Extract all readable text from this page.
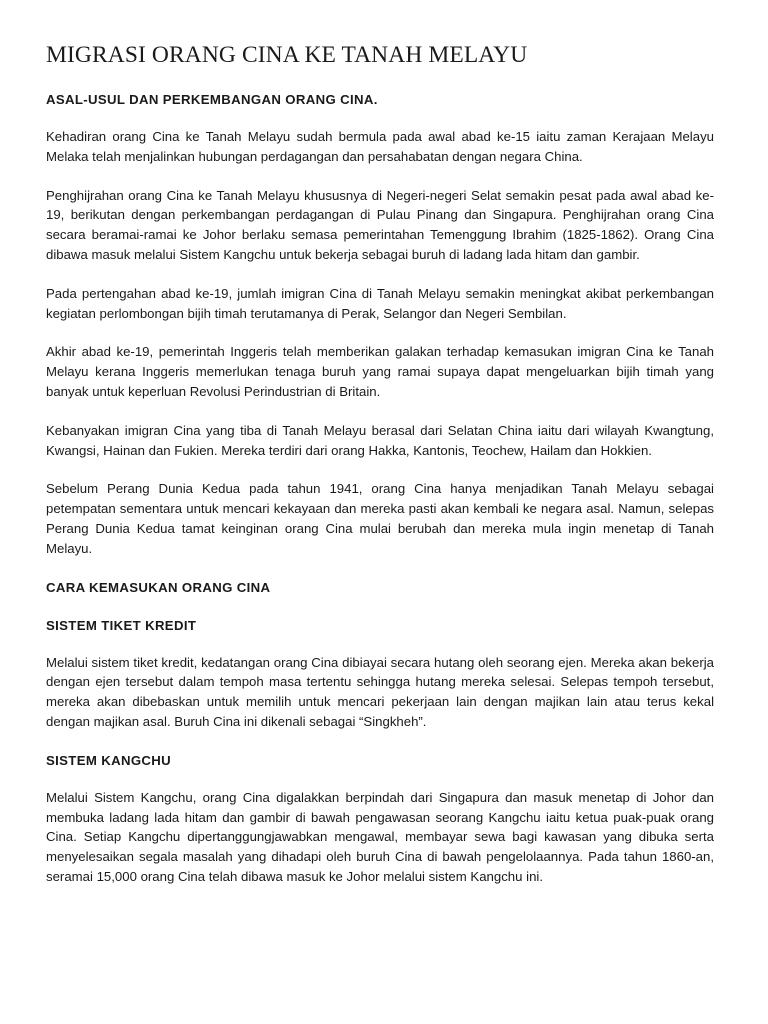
MIGRASI ORANG CINA KE TANAH MELAYU
ASAL-USUL DAN PERKEMBANGAN ORANG CINA.

Kehadiran orang Cina ke Tanah Melayu sudah bermula pada awal abad ke-15 iaitu zaman Kerajaan Melayu Melaka telah menjalinkan hubungan perdagangan dan persahabatan dengan negara China.

Penghijrahan orang Cina ke Tanah Melayu khususnya di Negeri-negeri Selat semakin pesat pada awal abad ke-19, berikutan dengan perkembangan perdagangan di Pulau Pinang dan Singapura. Penghijrahan orang Cina secara beramai-ramai ke Johor berlaku semasa pemerintahan Temenggung Ibrahim (1825-1862). Orang Cina dibawa masuk melalui Sistem Kangchu untuk bekerja sebagai buruh di ladang lada hitam dan gambir.

Pada pertengahan abad ke-19, jumlah imigran Cina di Tanah Melayu semakin meningkat akibat perkembangan kegiatan perlombongan bijih timah terutamanya di Perak, Selangor dan Negeri Sembilan.

Akhir abad ke-19, pemerintah Inggeris telah memberikan galakan terhadap kemasukan imigran Cina ke Tanah Melayu kerana Inggeris memerlukan tenaga buruh yang ramai supaya dapat mengeluarkan bijih timah yang banyak untuk keperluan Revolusi Perindustrian di Britain.

Kebanyakan imigran Cina yang tiba di Tanah Melayu berasal dari Selatan China iaitu dari wilayah Kwangtung, Kwangsi, Hainan dan Fukien. Mereka terdiri dari orang Hakka, Kantonis, Teochew, Hailam dan Hokkien.

Sebelum Perang Dunia Kedua pada tahun 1941, orang Cina hanya menjadikan Tanah Melayu sebagai petempatan sementara untuk mencari kekayaan dan mereka pasti akan kembali ke negara asal. Namun, selepas Perang Dunia Kedua tamat keinginan orang Cina mulai berubah dan mereka mula ingin menetap di Tanah Melayu.

CARA KEMASUKAN ORANG CINA
SISTEM TIKET KREDIT

Melalui sistem tiket kredit, kedatangan orang Cina dibiayai secara hutang oleh seorang ejen. Mereka akan bekerja dengan ejen tersebut dalam tempoh masa tertentu sehingga hutang mereka selesai. Selepas tempoh tersebut, mereka akan dibebaskan untuk memilih untuk mencari pekerjaan lain dengan majikan lain atau terus kekal dengan majikan asal. Buruh Cina ini dikenali sebagai “Singkheh”.

SISTEM KANGCHU

Melalui Sistem Kangchu, orang Cina digalakkan berpindah dari Singapura dan masuk menetap di Johor dan membuka ladang lada hitam dan gambir di bawah pengawasan seorang Kangchu iaitu ketua puak-puak orang Cina. Setiap Kangchu dipertanggungjawabkan mengawal, membayar sewa bagi kawasan yang dibuka serta menyelesaikan segala masalah yang dihadapi oleh buruh Cina di bawah pengelolaannya. Pada tahun 1860-an, seramai 15,000 orang Cina telah dibawa masuk ke Johor melalui sistem Kangchu ini.
